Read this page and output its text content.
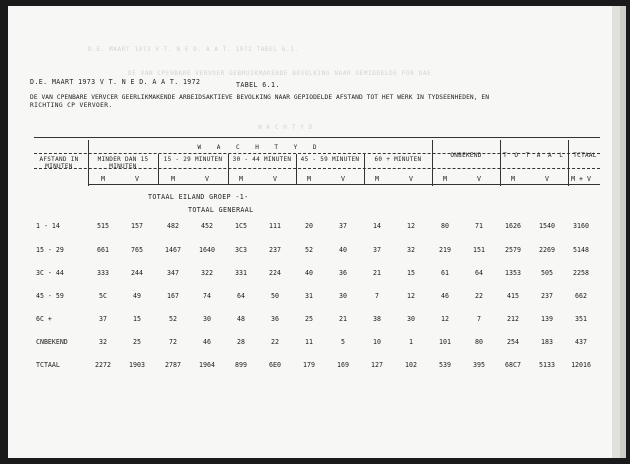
D.E. MAART 1973 V T. N E D. A A T. 1972 TABEL 6.1.
DE VAN CPENBARE VERVOER GEBRUIKMAKENDE BEVOLKING NAAR GEMIDDELDE FOR DAE
W A C H T Y D
D.E. MAART 1973 V T. N E D. A A T. 1972	TABEL 6.1.
DE VAN CPENBARE VERVCER GEERLIKMAKENDE ARBEIDSAKTIEVE BEVOLKING NAAR GEPIODELDE AFSTAND TOT HET WERK IN TYDSEENHEDEN, EN
RICHTING CP VERVOER.
W A C H T Y D
AFSTAND IN MINUTEN
MINDER DAN 15 MINUTEN
15 - 29 MINUTEN	30 - 44 MINUTEN	45 - 59 MINUTEN	60 + MINUTEN
ONBEKEND	T O T A A L	TCTAAL
M	V	M	V	M	V	M	V	M	V	M	V	M	V	M + V
TOTAAL EILAND GROEP -1-
TOTAAL GENERAAL
1 - 14	515	157	482	452	1C5	111	20	37	14	12	80	71	1626	1540	3160
15 - 29	661	765	1467	1640	3C3	237	52	40	37	32	219	151	2579	2269	5148
3C - 44	333	244	347	322	331	224	40	36	21	15	61	64	1353	505	2258
45 - 59	5C	49	167	74	64	50	31	30	7	12	46	22	415	237	662
6C +	37	15	52	30	48	36	25	21	38	30	12	7	212	139	351
CNBEKEND	32	25	72	46	28	22	11	5	10	1	101	80	254	183	437
TCTAAL	2272	1903	2787	1964	899	6E0	179	169	127	102	539	395	68C7	5133	12016
